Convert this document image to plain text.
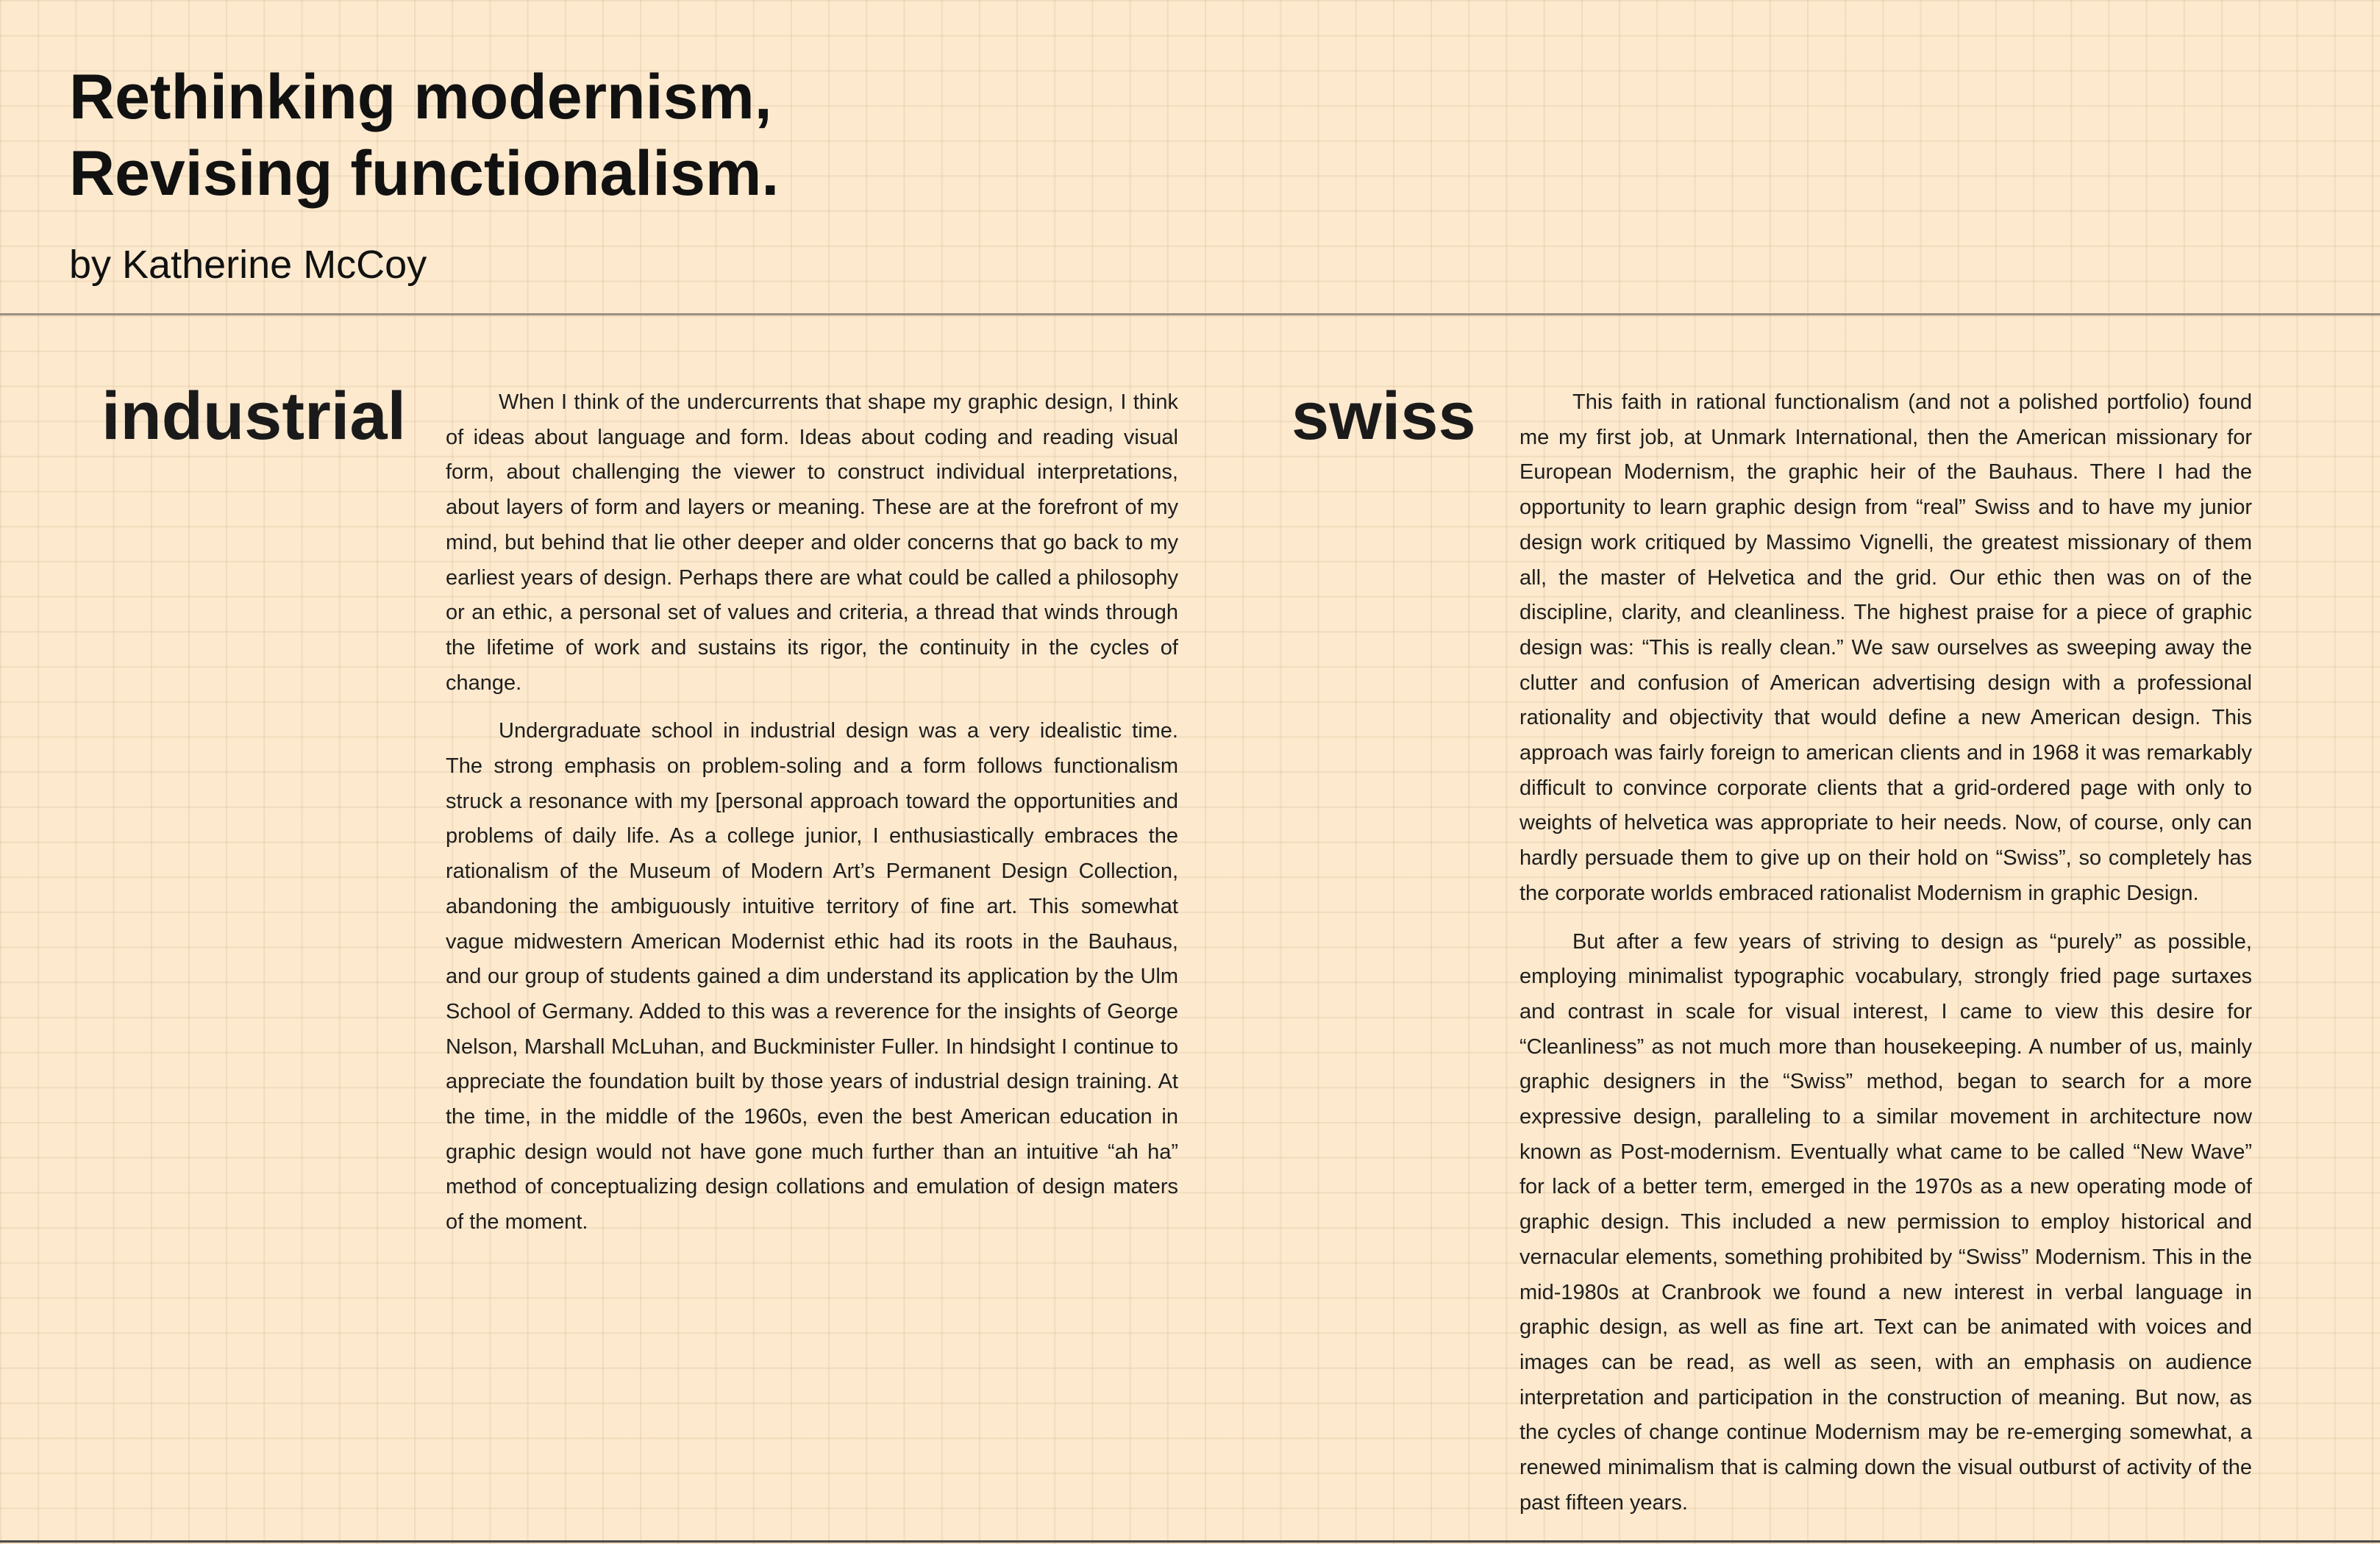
Rethinking modernism,
Revising functionalism.

by Katherine McCoy

industrial	When I think of the undercurrents that shape my graphic design, I think of ideas about language and form. Ideas about coding and reading visual form, about challenging the viewer to construct individual interpretations, about layers of form and layers or meaning. These are at the forefront of my mind, but behind that lie other deeper and older concerns that go back to my earliest years of design. Perhaps there are what could be called a philosophy or an ethic, a personal set of values and criteria, a thread that winds through the lifetime of work and sustains its rigor, the continuity in the cycles of change.

Undergraduate school in industrial design was a very idealistic time. The strong emphasis on problem-soling and a form follows functionalism struck a resonance with my [personal approach toward the opportunities and problems of daily life. As a college junior, I enthusiastically embraces the rationalism of the Museum of Modern Art’s Permanent Design Collection, abandoning the ambiguously intuitive territory of fine art. This somewhat vague midwestern American Modernist ethic had its roots in the Bauhaus, and our group of students gained a dim understand its application by the Ulm School of Germany. Added to this was a reverence for the insights of George Nelson, Marshall McLuhan, and Buckminister Fuller. In hindsight I continue to appreciate the foundation built by those years of industrial design training. At the time, in the middle of the 1960s, even the best American education in graphic design would not have gone much further than an intuitive “ah ha” method of conceptualizing design collations and emulation of design maters of the moment.

swiss	This faith in rational functionalism (and not a polished portfolio) found me my first job, at Unmark International, then the American missionary for European Modernism, the graphic heir of the Bauhaus. There I had the opportunity to learn graphic design from “real” Swiss and to have my junior design work critiqued by Massimo Vignelli, the greatest missionary of them all, the master of Helvetica and the grid. Our ethic then was on of the discipline, clarity, and cleanliness. The highest praise for a piece of graphic design was: “This is really clean.” We saw ourselves as sweeping away the clutter and confusion of American advertising design with a professional rationality and objectivity that would define a new American design. This approach was fairly foreign to american clients and in 1968 it was remarkably difficult to convince corporate clients that a grid-ordered page with only to weights of helvetica was appropriate to heir needs. Now, of course, only can hardly persuade them to give up on their hold on “Swiss”, so completely has the corporate worlds embraced rationalist Modernism in graphic Design.

But after a few years of striving to design as “purely” as possible, employing minimalist typographic vocabulary, strongly fried page surtaxes and contrast in scale for visual interest, I came to view this desire for “Cleanliness” as not much more than housekeeping. A number of us, mainly graphic designers in the “Swiss” method, began to search for a more expressive design, paralleling to a similar movement in architecture now known as Post-modernism. Eventually what came to be called “New Wave” for lack of a better term, emerged in the 1970s as a new operating mode of graphic design. This included a new permission to employ historical and vernacular elements, something prohibited by “Swiss” Modernism. This in the mid-1980s at Cranbrook we found a new interest in verbal language in graphic design, as well as fine art. Text can be animated with voices and images can be read, as well as seen, with an emphasis on audience interpretation and participation in the construction of meaning. But now, as the cycles of change continue Modernism may be re-emerging somewhat, a renewed minimalism that is calming down the visual outburst of activity of the past fifteen years.
